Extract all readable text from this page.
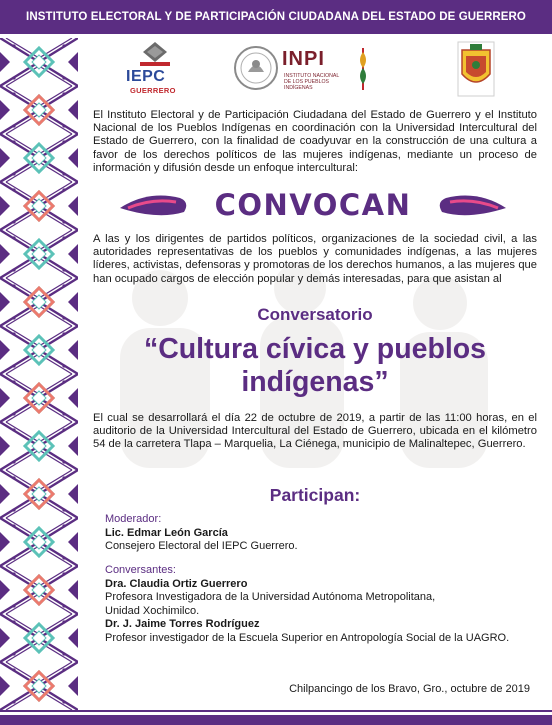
INSTITUTO ELECTORAL Y DE PARTICIPACIÓN CIUDADANA DEL ESTADO DE GUERRERO
IEPC
GUERRERO
INPI
INSTITUTO NACIONAL DE LOS PUEBLOS INDÍGENAS

El Instituto Electoral y de Participación Ciudadana del Estado de Guerrero y el Instituto Nacional de los Pueblos Indígenas en coordinación con la Universidad Intercultural del Estado de Guerrero, con la finalidad de coadyuvar en la construcción de una cultura a favor de los derechos políticos de las mujeres indígenas, mediante un proceso de información y difusión desde un enfoque intercultural:

CONVOCAN

A las y los dirigentes de partidos políticos, organizaciones de la sociedad civil, a las autoridades representativas de los pueblos y comunidades indígenas, a las mujeres líderes, activistas, defensoras y promotoras de los derechos humanos, a las mujeres que han ocupado cargos de elección popular y demás interesadas, para que asistan al

Conversatorio
“Cultura cívica y pueblos indígenas”

El cual se desarrollará el día 22 de octubre de 2019, a partir de las 11:00 horas, en el auditorio de la Universidad Intercultural del Estado de Guerrero, ubicada en el kilómetro 54 de la carretera Tlapa – Marquelia, La Ciénega, municipio de Malinaltepec, Guerrero.

Participan:
Moderador:
Lic. Edmar León García
Consejero Electoral del IEPC Guerrero.
Conversantes:
Dra. Claudia Ortiz Guerrero
Profesora Investigadora de la Universidad Autónoma Metropolitana,
Unidad Xochimilco.
Dr. J. Jaime Torres Rodríguez
Profesor investigador de la Escuela Superior en Antropología Social de la UAGRO.
Chilpancingo de los Bravo, Gro., octubre de 2019
